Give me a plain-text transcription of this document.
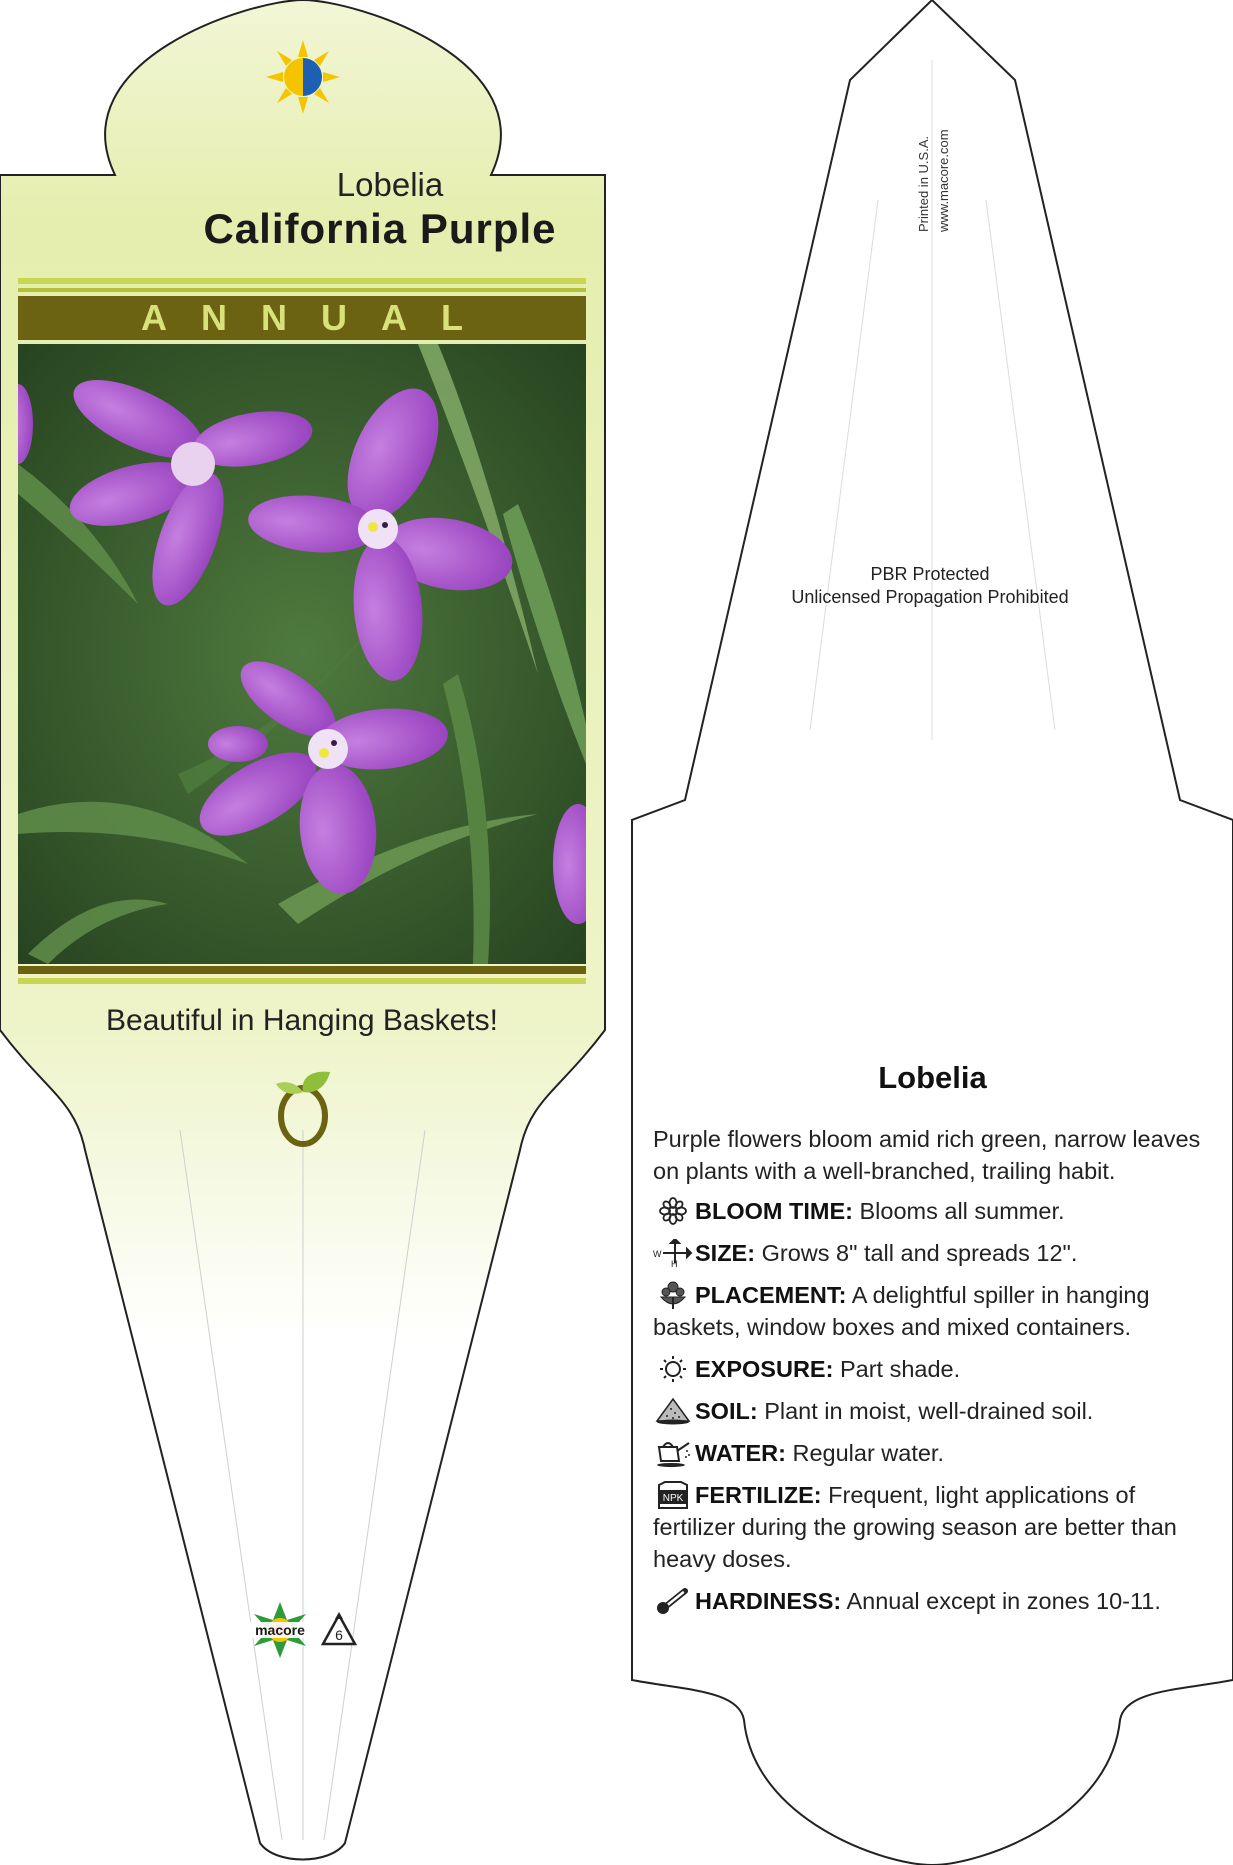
Lobelia
California Purple
ANNUAL
Beautiful in Hanging Baskets!
macore 6
Printed in U.S.A. www.macore.com
PBR Protected
Unlicensed Propagation Prohibited
Lobelia
Purple flowers bloom amid rich green, narrow leaves on plants with a well-branched, trailing habit.
BLOOM TIME: Blooms all summer.
W
H SIZE: Grows 8" tall and spreads 12".
PLACEMENT: A delightful spiller in hanging baskets, window boxes and mixed containers.
EXPOSURE: Part shade.
SOIL: Plant in moist, well-drained soil.
WATER: Regular water.
NPK FERTILIZE: Frequent, light applications of fertilizer during the growing season are better than heavy doses.
HARDINESS: Annual except in zones 10-11.
